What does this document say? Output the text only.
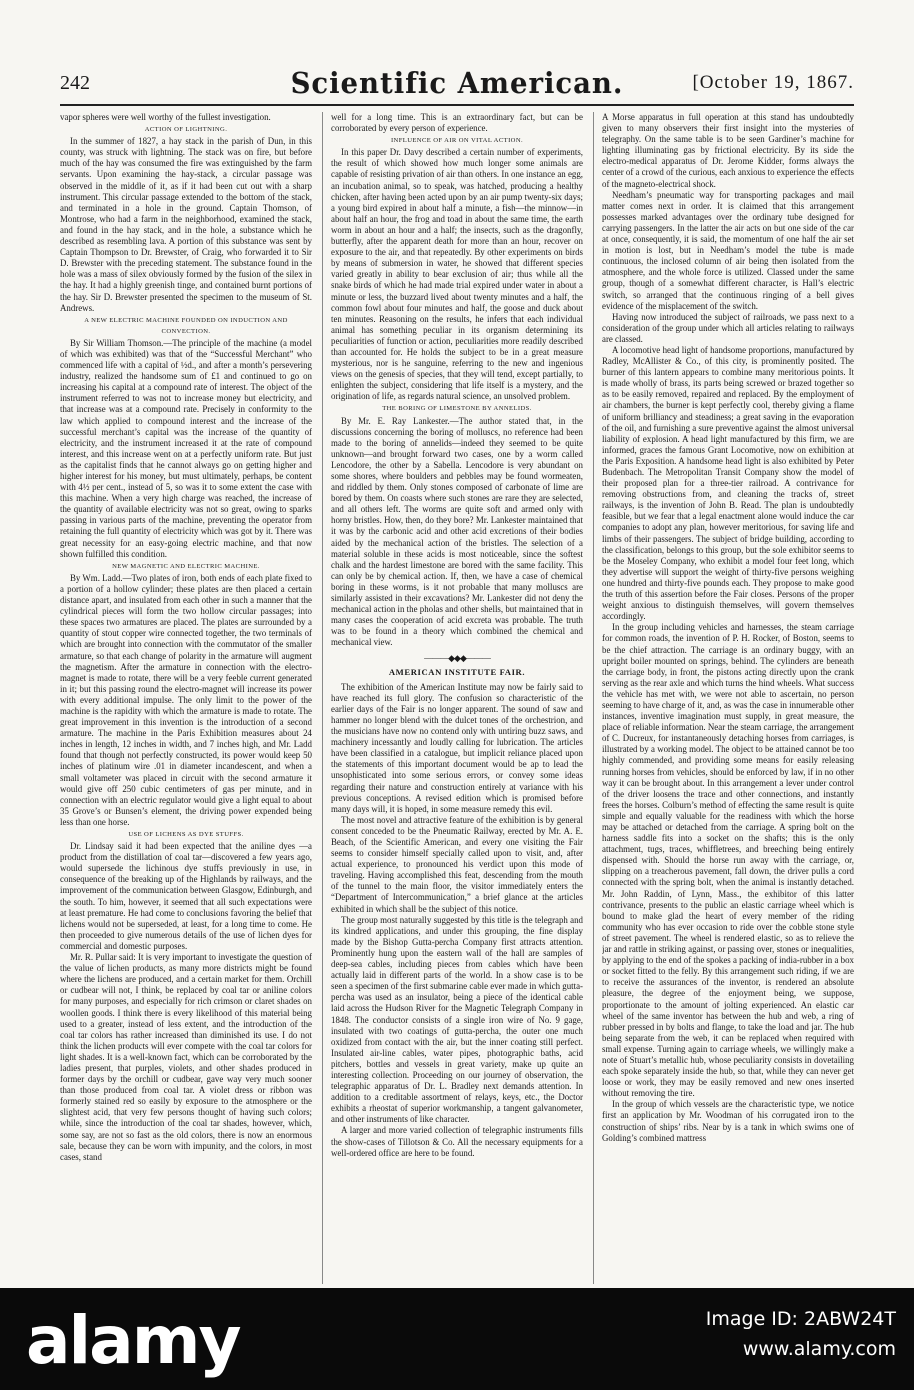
242	Scientific American.	[October 19, 1867.

vapor spheres were well worthy of the fullest investigation.

ACTION OF LIGHTNING.

In the summer of 1827, a hay stack in the parish of Dun, in this county, was struck with lightning. The stack was on fire, but before much of the hay was consumed the fire was extinguished by the farm servants. Upon examining the hay-stack, a circular passage was observed in the middle of it, as if it had been cut out with a sharp instrument. This circular passage extended to the bottom of the stack, and terminated in a hole in the ground. Captain Thomson, of Montrose, who had a farm in the neighborhood, examined the stack, and found in the hay stack, and in the hole, a substance which he described as resembling lava. A portion of this substance was sent by Captain Thompson to Dr. Brewster, of Craig, who forwarded it to Sir D. Brewster with the preceding statement. The substance found in the hole was a mass of silex obviously formed by the fusion of the silex in the hay. It had a highly greenish tinge, and contained burnt portions of the hay. Sir D. Brewster presented the specimen to the museum of St. Andrews.

A NEW ELECTRIC MACHINE FOUNDED ON INDUCTION AND CONVECTION.

By Sir William Thomson.—The principle of the machine (a model of which was exhibited) was that of the “Successful Merchant” who commenced life with a capital of ½d., and after a month’s persevering industry, realized the handsome sum of £1 and continued to go on increasing his capital at a compound rate of interest. The object of the instrument referred to was not to increase money but electricity, and that increase was at a compound rate. Precisely in conformity to the law which applied to compound interest and the increase of the successful merchant’s capital was the increase of the quantity of electricity, and the instrument increased it at the rate of compound interest, and this increase went on at a perfectly uniform rate. But just as the capitalist finds that he cannot always go on getting higher and higher interest for his money, but must ultimately, perhaps, be content with 4½ per cent., instead of 5, so was it to some extent the case with this machine. When a very high charge was reached, the increase of the quantity of available electricity was not so great, owing to sparks passing in various parts of the machine, preventing the operator from retaining the full quantity of electricity which was got by it. There was great necessity for an easy-going electric machine, and that now shown fulfilled this condition.

NEW MAGNETIC AND ELECTRIC MACHINE.

By Wm. Ladd.—Two plates of iron, both ends of each plate fixed to a portion of a hollow cylinder; these plates are then placed a certain distance apart, and insulated from each other in such a manner that the cylindrical pieces will form the two hollow circular passages; into these spaces two armatures are placed. The plates are surrounded by a quantity of stout copper wire connected together, the two terminals of which are brought into connection with the commutator of the smaller armature, so that each change of polarity in the armature will augment the magnetism. After the armature in connection with the electro-magnet is made to rotate, there will be a very feeble current generated in it; but this passing round the electro-magnet will increase its power with every additional impulse. The only limit to the power of the machine is the rapidity with which the armature is made to rotate. The great improvement in this invention is the introduction of a second armature. The machine in the Paris Exhibition measures about 24 inches in length, 12 inches in width, and 7 inches high, and Mr. Ladd found that though not perfectly constructed, its power would keep 50 inches of platinum wire .01 in diameter incandescent, and when a small voltameter was placed in circuit with the second armature it would give off 250 cubic centimeters of gas per minute, and in connection with an electric regulator would give a light equal to about 35 Grove’s or Bunsen’s element, the driving power expended being less than one horse.

USE OF LICHENS AS DYE STUFFS.

Dr. Lindsay said it had been expected that the aniline dyes —a product from the distillation of coal tar—discovered a few years ago, would supersede the lichinous dye stuffs previously in use, in consequence of the breaking up of the Highlands by railways, and the improvement of the communication between Glasgow, Edinburgh, and the south. To him, however, it seemed that all such expectations were at least premature. He had come to conclusions favoring the belief that lichens would not be superseded, at least, for a long time to come. He then proceeded to give numerous details of the use of lichen dyes for commercial and domestic purposes.

Mr. R. Pullar said: It is very important to investigate the question of the value of lichen products, as many more districts might be found where the lichens are produced, and a certain market for them. Orchill or cudbear will not, I think, be replaced by coal tar or aniline colors for many purposes, and especially for rich crimson or claret shades on woollen goods. I think there is every likelihood of this material being used to a greater, instead of less extent, and the introduction of the coal tar colors has rather increased than diminished its use. I do not think the lichen products will ever compete with the coal tar colors for light shades. It is a well-known fact, which can be corroborated by the ladies present, that purples, violets, and other shades produced in former days by the orchill or cudbear, gave way very much sooner than those produced from coal tar. A violet dress or ribbon was formerly stained red so easily by exposure to the atmosphere or the slightest acid, that very few persons thought of having such colors; while, since the introduction of the coal tar shades, however, which, some say, are not so fast as the old colors, there is now an enormous sale, because they can be worn with impunity, and the colors, in most cases, stand

well for a long time. This is an extraordinary fact, but can be corroborated by every person of experience.

INFLUENCE OF AIR ON VITAL ACTION.

In this paper Dr. Davy described a certain number of experiments, the result of which showed how much longer some animals are capable of resisting privation of air than others. In one instance an egg, an incubation animal, so to speak, was hatched, producing a healthy chicken, after having been acted upon by an air pump twenty-six days; a young bird expired in about half a minute, a fish—the minnow—in about half an hour, the frog and toad in about the same time, the earth worm in about an hour and a half; the insects, such as the dragonfly, butterfly, after the apparent death for more than an hour, recover on exposure to the air, and that repeatedly. By other experiments on birds by means of submersion in water, he showed that different species varied greatly in ability to bear exclusion of air; thus while all the snake birds of which he had made trial expired under water in about a minute or less, the buzzard lived about twenty minutes and a half, the common fowl about four minutes and half, the goose and duck about ten minutes. Reasoning on the results, he infers that each individual animal has something peculiar in its organism determining its peculiarities of function or action, peculiarities more readily described than accounted for. He holds the subject to be in a great measure mysterious, nor is he sanguine, referring to the new and ingenious views on the genesis of species, that they will tend, except partially, to enlighten the subject, considering that life itself is a mystery, and the origination of life, as regards natural science, an unsolved problem.

THE BORING OF LIMESTONE BY ANNELIDS.

By Mr. E. Ray Lankester.—The author stated that, in the discussions concerning the boring of molluscs, no reference had been made to the boring of annelids—indeed they seemed to be quite unknown—and brought forward two cases, one by a worm called Lencodore, the other by a Sabella. Lencodore is very abundant on some shores, where boulders and pebbles may be found wormeaten, and riddled by them. Only stones composed of carbonate of lime are bored by them. On coasts where such stones are rare they are selected, and all others left. The worms are quite soft and armed only with horny bristles. How, then, do they bore? Mr. Lankester maintained that it was by the carbonic acid and other acid excretions of their bodies aided by the mechanical action of the bristles. The selection of a material soluble in these acids is most noticeable, since the softest chalk and the hardest limestone are bored with the same facility. This can only be by chemical action. If, then, we have a case of chemical boring in these worms, is it not probable that many molluscs are similarly assisted in their excavations? Mr. Lankester did not deny the mechanical action in the pholas and other shells, but maintained that in many cases the cooperation of acid excreta was probable. The truth was to be found in a theory which combined the chemical and mechanical view.

———◆◆◆———
AMERICAN INSTITUTE FAIR.

The exhibition of the American Institute may now be fairly said to have reached its full glory. The confusion so characteristic of the earlier days of the Fair is no longer apparent. The sound of saw and hammer no longer blend with the dulcet tones of the orchestrion, and the musicians have now no contend only with untiring buzz saws, and machinery incessantly and loudly calling for lubrication. The articles have been classified in a catalogue, but implicit reliance placed upon the statements of this important document would be ap to lead the unsophisticated into some serious errors, or convey some ideas regarding their nature and construction entirely at variance with his previous conceptions. A revised edition which is promised before many days will, it is hoped, in some measure remedy this evil.

The most novel and attractive feature of the exhibition is by general consent conceded to be the Pneumatic Railway, erected by Mr. A. E. Beach, of the Scientific American, and every one visiting the Fair seems to consider himself specially called upon to visit, and, after actual experience, to pronounced his verdict upon this mode of traveling. Having accomplished this feat, descending from the mouth of the tunnel to the main floor, the visitor immediately enters the “Department of Intercommunication,” a brief glance at the articles exhibited in which shall be the subject of this notice.

The group most naturally suggested by this title is the telegraph and its kindred applications, and under this grouping, the fine display made by the Bishop Gutta-percha Company first attracts attention. Prominently hung upon the eastern wall of the hall are samples of deep-sea cables, including pieces from cables which have been actually laid in different parts of the world. In a show case is to be seen a specimen of the first submarine cable ever made in which gutta-percha was used as an insulator, being a piece of the identical cable laid across the Hudson River for the Magnetic Telegraph Company in 1848. The conductor consists of a single iron wire of No. 9 gage, insulated with two coatings of gutta-percha, the outer one much oxidized from contact with the air, but the inner coating still perfect. Insulated air-line cables, water pipes, photographic baths, acid pitchers, bottles and vessels in great variety, make up quite an interesting collection. Proceeding on our journey of observation, the telegraphic apparatus of Dr. L. Bradley next demands attention. In addition to a creditable assortment of relays, keys, etc., the Doctor exhibits a rheostat of superior workmanship, a tangent galvanometer, and other instruments of like character.

A larger and more varied collection of telegraphic instruments fills the show-cases of Tillotson & Co. All the necessary equipments for a well-ordered office are here to be found.

A Morse apparatus in full operation at this stand has undoubtedly given to many observers their first insight into the mysteries of telegraphy. On the same table is to be seen Gardiner’s machine for lighting illuminating gas by frictional electricity. By its side the electro-medical apparatus of Dr. Jerome Kidder, forms always the center of a crowd of the curious, each anxious to experience the effects of the magneto-electrical shock.

Needham’s pneumatic way for transporting packages and mail matter comes next in order. It is claimed that this arrangement possesses marked advantages over the ordinary tube designed for carrying passengers. In the latter the air acts on but one side of the car at once, consequently, it is said, the momentum of one half the air set in motion is lost, but in Needham’s model the tube is made continuous, the inclosed column of air being then isolated from the atmosphere, and the whole force is utilized. Classed under the same group, though of a somewhat different character, is Hall’s electric switch, so arranged that the continuous ringing of a bell gives evidence of the misplacement of the switch.

Having now introduced the subject of railroads, we pass next to a consideration of the group under which all articles relating to railways are classed.

A locomotive head light of handsome proportions, manufactured by Radley, McAllister & Co., of this city, is prominently posited. The burner of this lantern appears to combine many meritorious points. It is made wholly of brass, its parts being screwed or brazed together so as to be easily removed, repaired and replaced. By the employment of air chambers, the burner is kept perfectly cool, thereby giving a flame of uniform brilliancy and steadiness; a great saving in the evaporation of the oil, and furnishing a sure preventive against the almost universal liability of explosion. A head light manufactured by this firm, we are informed, graces the famous Grant Locomotive, now on exhibition at the Paris Exposition. A handsome head light is also exhibited by Peter Budenbach. The Metropolitan Transit Company show the model of their proposed plan for a three-tier railroad. A contrivance for removing obstructions from, and cleaning the tracks of, street railways, is the invention of John B. Read. The plan is undoubtedly feasible, but we fear that a legal enactment alone would induce the car companies to adopt any plan, however meritorious, for saving life and limbs of their passengers. The subject of bridge building, according to the classification, belongs to this group, but the sole exhibitor seems to be the Moseley Company, who exhibit a model four feet long, which they advertise will support the weight of thirty-five persons weighing one hundred and thirty-five pounds each. They propose to make good the truth of this assertion before the Fair closes. Persons of the proper weight anxious to distinguish themselves, will govern themselves accordingly.

In the group including vehicles and harnesses, the steam carriage for common roads, the invention of P. H. Rocker, of Boston, seems to be the chief attraction. The carriage is an ordinary buggy, with an upright boiler mounted on springs, behind. The cylinders are beneath the carriage body, in front, the pistons acting directly upon the crank serving as the rear axle and which turns the hind wheels. What success the vehicle has met with, we were not able to ascertain, no person seeming to have charge of it, and, as was the case in innumerable other instances, inventive imagination must supply, in great measure, the place of reliable information. Near the steam carriage, the arrangement of C. Ducreux, for instantaneously detaching horses from carriages, is illustrated by a working model. The object to be attained cannot be too highly commended, and providing some means for easily releasing running horses from vehicles, should be enforced by law, if in no other way it can be brought about. In this arrangement a lever under control of the driver loosens the trace and other connections, and instantly frees the horses. Colburn’s method of effecting the same result is quite simple and equally valuable for the readiness with which the horse may be attached or detached from the carriage. A spring bolt on the harness saddle fits into a socket on the shafts; this is the only attachment, tugs, traces, whiffletrees, and breeching being entirely dispensed with. Should the horse run away with the carriage, or, slipping on a treacherous pavement, fall down, the driver pulls a cord connected with the spring bolt, when the animal is instantly detached. Mr. John Raddin, of Lynn, Mass., the exhibitor of this latter contrivance, presents to the public an elastic carriage wheel which is bound to make glad the heart of every member of the riding community who has ever occasion to ride over the cobble stone style of street pavement. The wheel is rendered elastic, so as to relieve the jar and rattle in striking against, or passing over, stones or inequalities, by applying to the end of the spokes a packing of india-rubber in a box or socket fitted to the felly. By this arrangement such riding, if we are to receive the assurances of the inventor, is rendered an absolute pleasure, the degree of the enjoyment being, we suppose, proportionate to the amount of jolting experienced. An elastic car wheel of the same inventor has between the hub and web, a ring of rubber pressed in by bolts and flange, to take the load and jar. The hub being separate from the web, it can be replaced when required with small expense. Turning again to carriage wheels, we willingly make a note of Stuart’s metallic hub, whose peculiarity consists in dovetailing each spoke separately inside the hub, so that, while they can never get loose or work, they may be easily removed and new ones inserted without removing the tire.

In the group of which vessels are the characteristic type, we notice first an application by Mr. Woodman of his corrugated iron to the construction of ships’ ribs. Near by is a tank in which swims one of Golding’s combined mattress

alamy	Image ID: 2ABW24T
www.alamy.com
